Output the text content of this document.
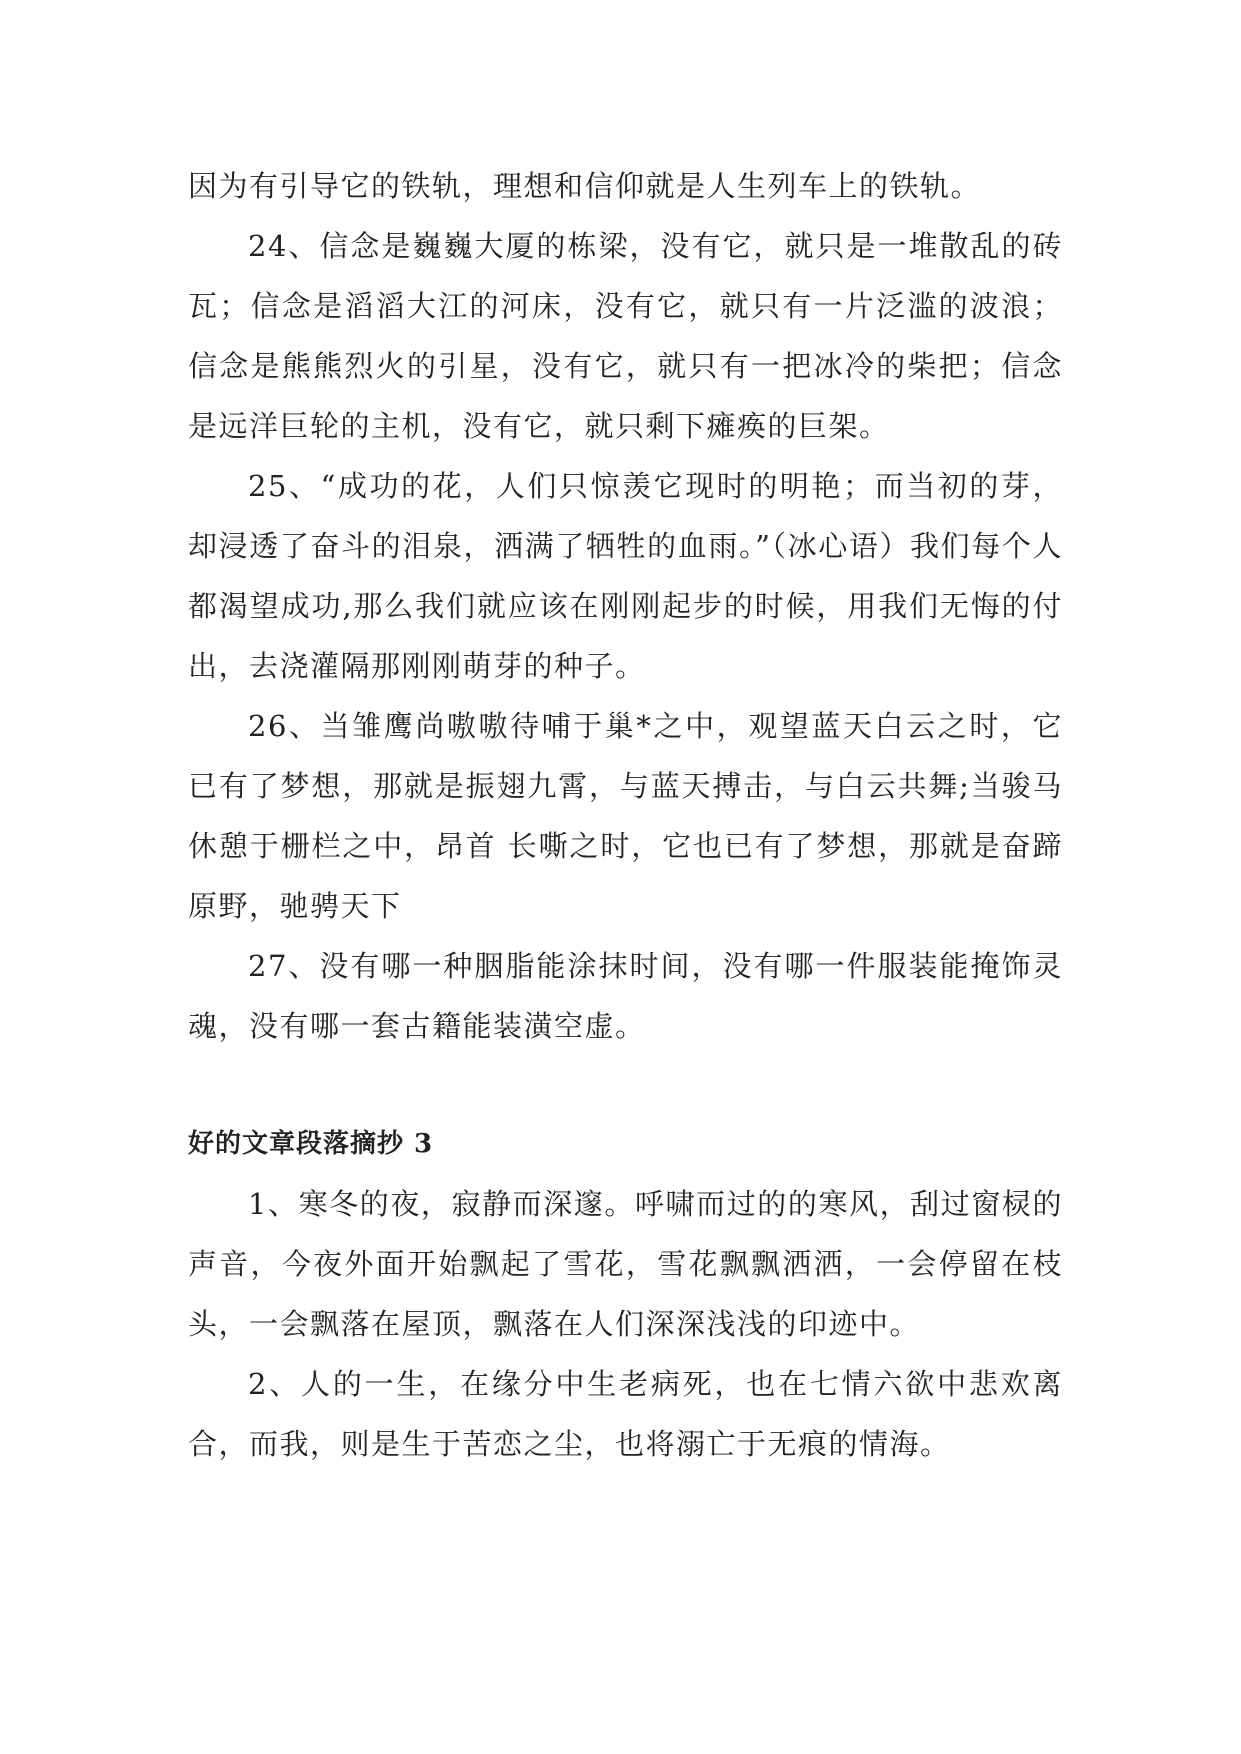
因为有引导它的铁轨，理想和信仰就是人生列车上的铁轨。

24、信念是巍巍大厦的栋梁，没有它，就只是一堆散乱的砖瓦；信念是滔滔大江的河床，没有它，就只有一片泛滥的波浪；信念是熊熊烈火的引星，没有它，就只有一把冰冷的柴把；信念是远洋巨轮的主机，没有它，就只剩下瘫痪的巨架。

25、“成功的花，人们只惊羡它现时的明艳；而当初的芽，却浸透了奋斗的泪泉，洒满了牺牲的血雨。”（冰心语）我们每个人都渴望成功,那么我们就应该在刚刚起步的时候，用我们无悔的付出，去浇灌隔那刚刚萌芽的种子。

26、当雏鹰尚嗷嗷待哺于巢*之中，观望蓝天白云之时，它已有了梦想，那就是振翅九霄，与蓝天搏击，与白云共舞;当骏马休憩于栅栏之中，昂首 长嘶之时，它也已有了梦想，那就是奋蹄原野，驰骋天下

27、没有哪一种胭脂能涂抹时间，没有哪一件服装能掩饰灵魂，没有哪一套古籍能装潢空虚。

好的文章段落摘抄 3

1、寒冬的夜，寂静而深邃。呼啸而过的的寒风，刮过窗棂的声音，今夜外面开始飘起了雪花，雪花飘飘洒洒，一会停留在枝头，一会飘落在屋顶，飘落在人们深深浅浅的印迹中。

2、人的一生，在缘分中生老病死，也在七情六欲中悲欢离合，而我，则是生于苦恋之尘，也将溺亡于无痕的情海。
